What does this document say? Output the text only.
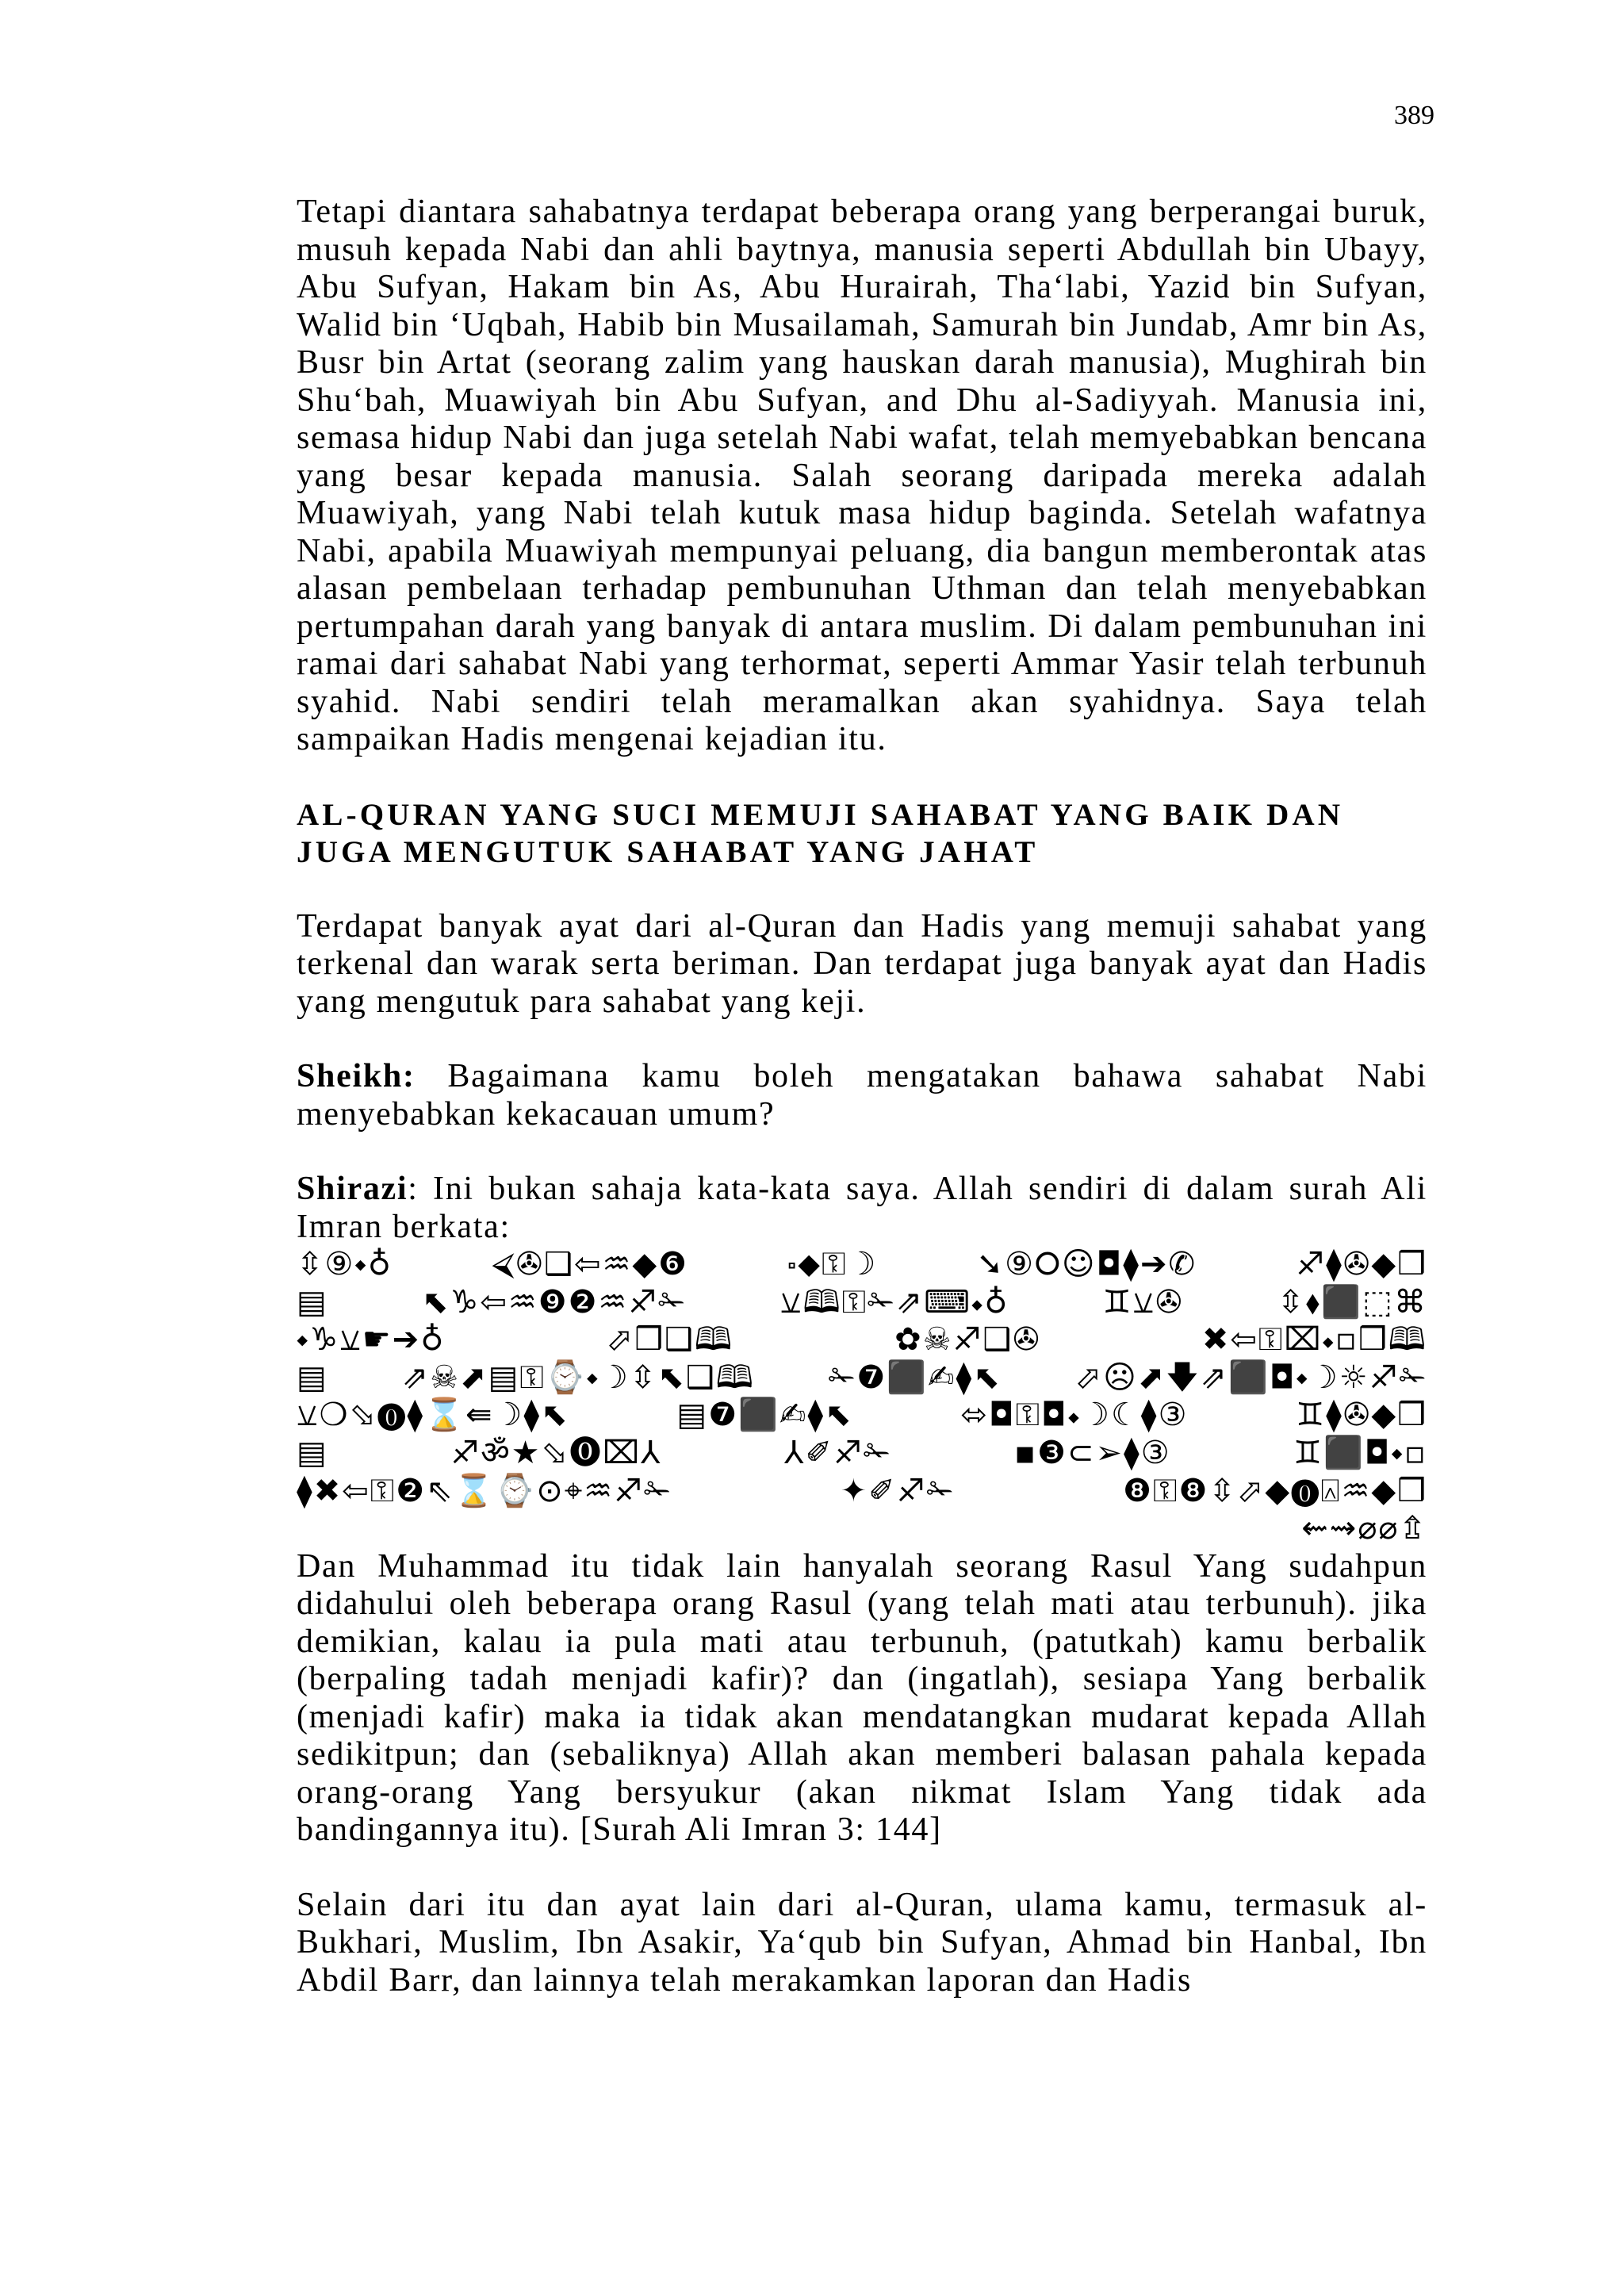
389

Tetapi diantara sahabatnya terdapat beberapa orang yang berperangai buruk, musuh kepada Nabi dan ahli baytnya, manusia seperti Abdullah bin Ubayy, Abu Sufyan, Hakam bin As, Abu Hurairah, Tha‘labi, Yazid bin Sufyan, Walid bin ‘Uqbah, Habib bin Musailamah, Samurah bin Jundab, Amr bin As, Busr bin Artat (seorang zalim yang hauskan darah manusia), Mughirah bin Shu‘bah, Muawiyah bin Abu Sufyan, and Dhu al-Sadiyyah. Manusia ini, semasa hidup Nabi dan juga setelah Nabi wafat, telah memyebabkan bencana yang besar kepada manusia. Salah seorang daripada mereka adalah Muawiyah, yang Nabi telah kutuk masa hidup baginda. Setelah wafatnya Nabi, apabila Muawiyah mempunyai peluang, dia bangun memberontak atas alasan pembelaan terhadap pembunuhan Uthman dan telah menyebabkan pertumpahan darah yang banyak di antara muslim. Di dalam pembunuhan ini ramai dari sahabat Nabi yang terhormat, seperti Ammar Yasir telah terbunuh syahid. Nabi sendiri telah meramalkan akan syahidnya. Saya telah sampaikan Hadis mengenai kejadian itu.

AL-QURAN YANG SUCI MEMUJI SAHABAT YANG BAIK DAN JUGA MENGUTUK SAHABAT YANG JAHAT

Terdapat banyak ayat dari al-Quran dan Hadis yang memuji sahabat yang terkenal dan warak serta beriman. Dan terdapat juga banyak ayat dan Hadis yang mengutuk para sahabat yang keji.

Sheikh: Bagaimana kamu boleh mengatakan bahawa sahabat Nabi menyebabkan kekacauan umum?

Shirazi: Ini bukan sahaja kata-kata saya. Allah sendiri di dalam surah Ali Imran berkata:

⇳⑨⬩♁	⮘✇❑⇦♒◆❻	⬞⬥⚿☽	➘⑨⭘☺◘⧫➔✆	♐⧫✇◆❒
▤	⬉♑⇦♒❾❷♒♐✁	⚺🕮⚿✁⇗⌨⬩♁	♊⚺✇	⇳⬧⬛⬚⌘
⬩♑⚺☛➔♁	⬀❒❑🕮	✿☠♐❑✇	✖⇦⚿⌧⬩▫❒🕮
▤ ⇗☠⬈▤⚿⌚⬩☽⇳⬉❑🕮 ✁❼⬛✍⧫⬉ ⬀☹⬈🡇⇗⬛◘⬩☽☼♐✁
⚺❍⬂⓿⧫⌛⇚☽⧫⬉	▤❼⬛✍⧫⬉	⬄◘⚿◘⬩☽☾⧫③	♊⧫✇◆❒
▤	♐ॐ★⬂⓿⌧⅄	⅄✐♐✁	▪❸⊂➢⧫③	♊⬛◘⬩▫
⧫✖⇦⚿❷⇖⌛⌚⊙⌖♒♐✁	✦✐♐✁	❽⚿❽⇳⬀◆⓿⍓♒◆❒
⇜⇝⌀⌀⇬

Dan Muhammad itu tidak lain hanyalah seorang Rasul Yang sudahpun didahului oleh beberapa orang Rasul (yang telah mati atau terbunuh). jika demikian, kalau ia pula mati atau terbunuh, (patutkah) kamu berbalik (berpaling tadah menjadi kafir)? dan (ingatlah), sesiapa Yang berbalik (menjadi kafir) maka ia tidak akan mendatangkan mudarat kepada Allah sedikitpun; dan (sebaliknya) Allah akan memberi balasan pahala kepada orang-orang Yang bersyukur (akan nikmat Islam Yang tidak ada bandingannya itu). [Surah Ali Imran 3: 144]

Selain dari itu dan ayat lain dari al-Quran, ulama kamu, termasuk al-Bukhari, Muslim, Ibn Asakir, Ya‘qub bin Sufyan, Ahmad bin Hanbal, Ibn Abdil Barr, dan lainnya telah merakamkan laporan dan Hadis
